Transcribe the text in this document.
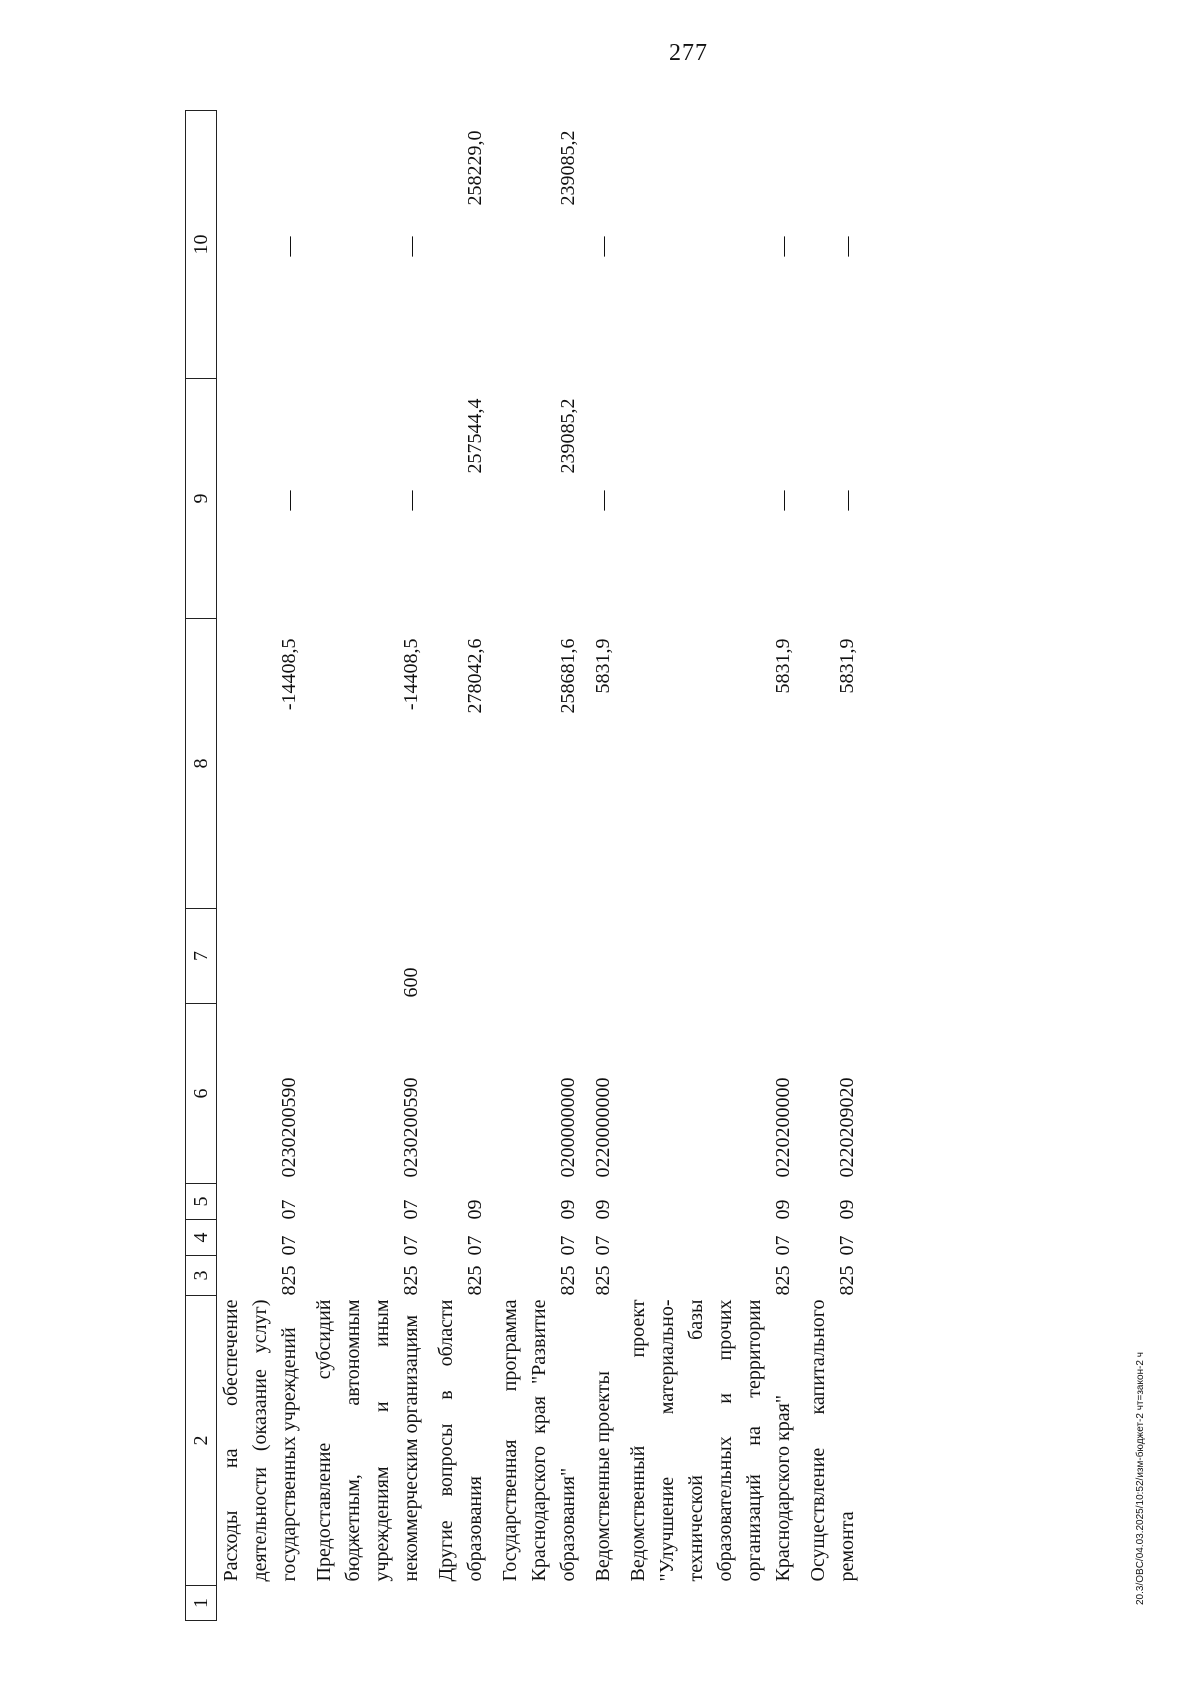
277
1	2	3	4	5	6	7	8	9	10
	Расходы на обеспечение деятельности (оказание услуг) государственных учреждений	825	07	07	0230200590		-14408,5	—	—
	Предоставление субсидий бюджетным, автономным учреждениям и иным некоммерческим организациям	825	07	07	0230200590	600	-14408,5	—	—
	Другие вопросы в области образования	825	07	09			278042,6	257544,4	258229,0
	Государственная программа Краснодарского края "Развитие образования"	825	07	09	0200000000		258681,6	239085,2	239085,2
	Ведомственные проекты	825	07	09	0220000000		5831,9	—	—
	Ведомственный проект "Улучшение материально-технической базы образовательных и прочих организаций на территории Краснодарского края"	825	07	09	0220200000		5831,9	—	—
	Осуществление капитального ремонта	825	07	09	0220209020		5831,9	—	—
20.3/OBC/04.03.2025/10:52/изм-бюджет-2 чт=закон-2 ч
